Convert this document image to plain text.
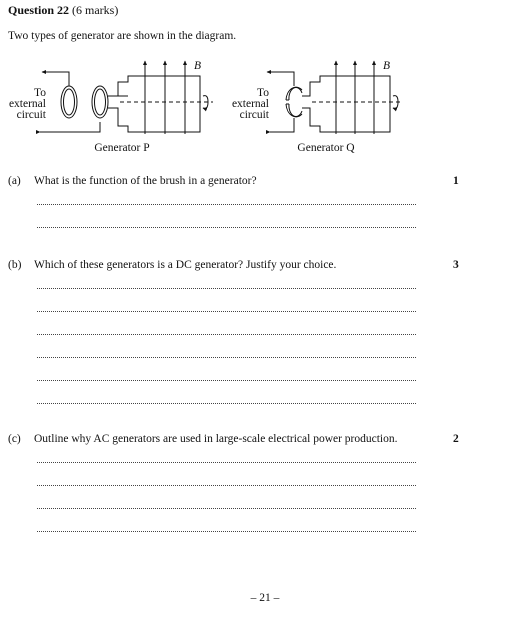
Question 22 (6 marks)
Two types of generator are shown in the diagram.
To
external
circuit
B
Generator P
To
external
circuit
B
Generator Q
(a) What is the function of the brush in a generator?	1
(b) Which of these generators is a DC generator? Justify your choice.	3
(c) Outline why AC generators are used in large-scale electrical power production.	2
– 21 –
